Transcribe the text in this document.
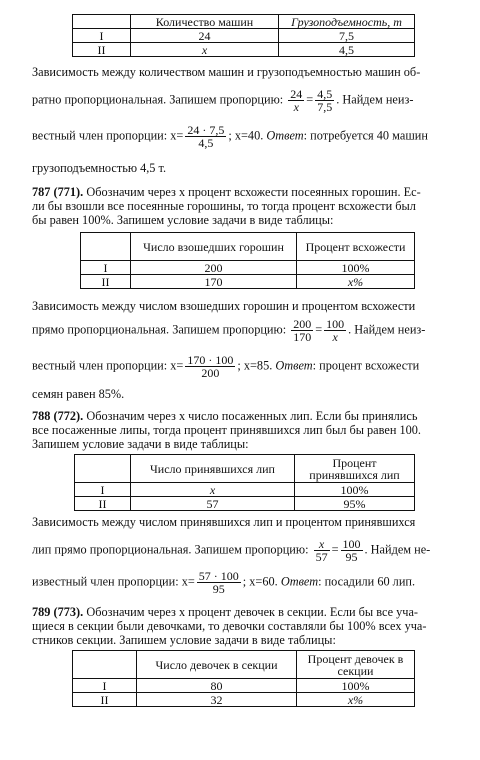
	Количество машин	Грузоподъемность, т
I	24	7,5
II	x	4,5

Зависимость между количеством машин и грузоподъемностью машин об-

ратно пропорциональная. Запишем пропорцию: $\frac{24}{x} = \frac{4,5}{7,5}$ . Найдем неиз-
вестный член пропорции: $x= \frac{24 \cdot 7,5}{4,5}$ ; x=40. Ответ: потребуется 40 машин

грузоподъемностью 4,5 т.

787 (771). Обозначим через x процент всхожести посеянных горошин. Ес-

ли бы взошли все посеянные горошины, то тогда процент всхожести был

бы равен 100%. Запишем условие задачи в виде таблицы:

	Число взошедших горошин	Процент всхожести
I	200	100%
II	170	x%

Зависимость между числом взошедших горошин и процентом всхожести

прямо пропорциональная. Запишем пропорцию: $\frac{200}{170} = \frac{100}{x}$ . Найдем неиз-
вестный член пропорции: $x= \frac{170 \cdot 100}{200}$ ; x=85. Ответ: процент всхожести

семян равен 85%.

788 (772). Обозначим через x число посаженных лип. Если бы принялись

все посаженные липы, тогда процент принявшихся лип был бы равен 100.

Запишем условие задачи в виде таблицы:

	Число принявшихся лип	Процент принявшихся лип
I	x	100%
II	57	95%

Зависимость между числом принявшихся лип и процентом принявшихся

лип прямо пропорциональная. Запишем пропорцию: $\frac{x}{57} = \frac{100}{95}$ . Найдем не-
известный член пропорции: $x= \frac{57 \cdot 100}{95}$ ; x=60. Ответ: посадили 60 лип.
789 (773). Обозначим через x процент девочек в секции. Если бы все уча-

щиеся в секции были девочками, то девочки составляли бы 100% всех уча-

стников секции. Запишем условие задачи в виде таблицы:

	Число девочек в секции	Процент девочек в секции
I	80	100%
II	32	x%
